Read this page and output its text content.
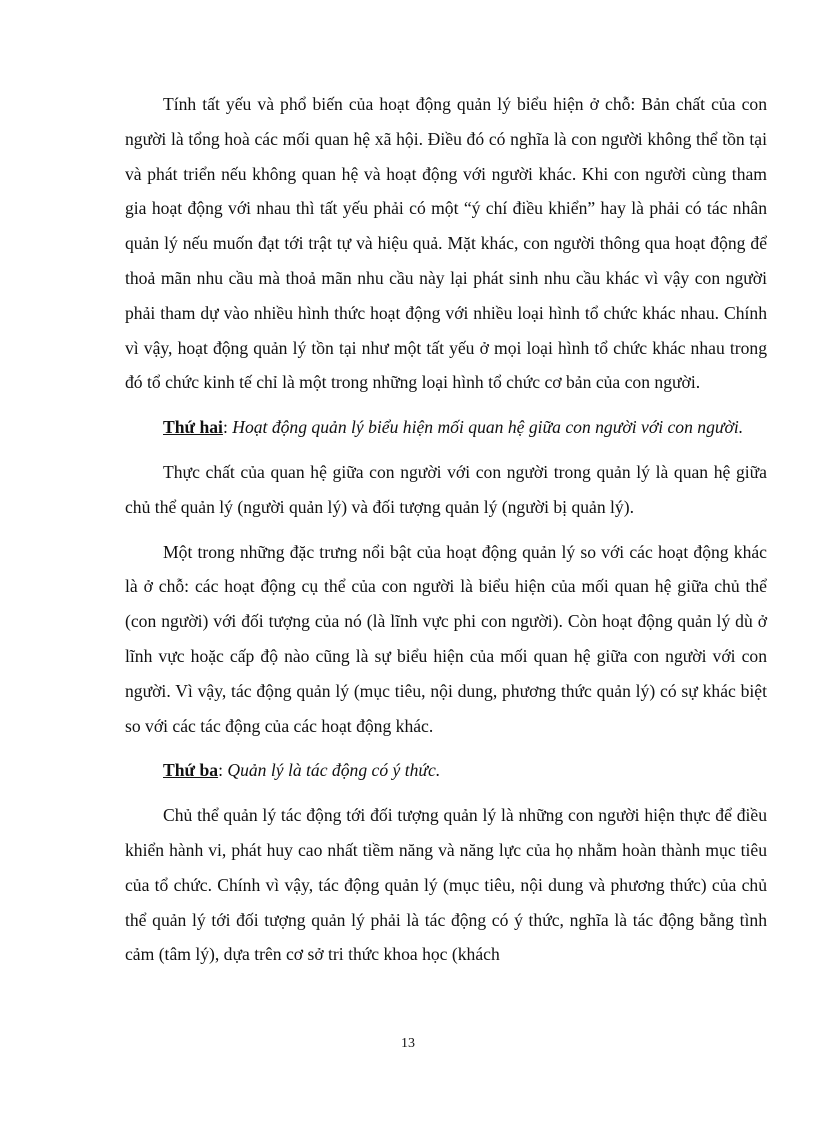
Tính tất yếu và phổ biến của hoạt động quản lý biểu hiện ở chỗ: Bản chất của con người là tổng hoà các mối quan hệ xã hội. Điều đó có nghĩa là con người không thể tồn tại và phát triển nếu không quan hệ và hoạt động với người khác. Khi con người cùng tham gia hoạt động với nhau thì tất yếu phải có một “ý chí điều khiển” hay là phải có tác nhân quản lý nếu muốn đạt tới trật tự và hiệu quả. Mặt khác, con người thông qua hoạt động để thoả mãn nhu cầu mà thoả mãn nhu cầu này lại phát sinh nhu cầu khác vì vậy con người phải tham dự vào nhiều hình thức hoạt động với nhiều loại hình tổ chức khác nhau. Chính vì vậy, hoạt động quản lý tồn tại như một tất yếu ở mọi loại hình tổ chức khác nhau trong đó tổ chức kinh tế chỉ là một trong những loại hình tổ chức cơ bản của con người.

Thứ hai: Hoạt động quản lý biểu hiện mối quan hệ giữa con người với con người.

Thực chất của quan hệ giữa con người với con người trong quản lý là quan hệ giữa chủ thể quản lý (người quản lý) và đối tượng quản lý (người bị quản lý).

Một trong những đặc trưng nổi bật của hoạt động quản lý so với các hoạt động khác là ở chỗ: các hoạt động cụ thể của con người là biểu hiện của mối quan hệ giữa chủ thể (con người) với đối tượng của nó (là lĩnh vực phi con người). Còn hoạt động quản lý dù ở lĩnh vực hoặc cấp độ nào cũng là sự biểu hiện của mối quan hệ giữa con người với con người. Vì vậy, tác động quản lý (mục tiêu, nội dung, phương thức quản lý) có sự khác biệt so với các tác động của các hoạt động khác.

Thứ ba: Quản lý là tác động có ý thức.

Chủ thể quản lý tác động tới đối tượng quản lý là những con người hiện thực để điều khiển hành vi, phát huy cao nhất tiềm năng và năng lực của họ nhằm hoàn thành mục tiêu của tổ chức. Chính vì vậy, tác động quản lý (mục tiêu, nội dung và phương thức) của chủ thể quản lý tới đối tượng quản lý phải là tác động có ý thức, nghĩa là tác động bằng tình cảm (tâm lý), dựa trên cơ sở tri thức khoa học (khách

13
